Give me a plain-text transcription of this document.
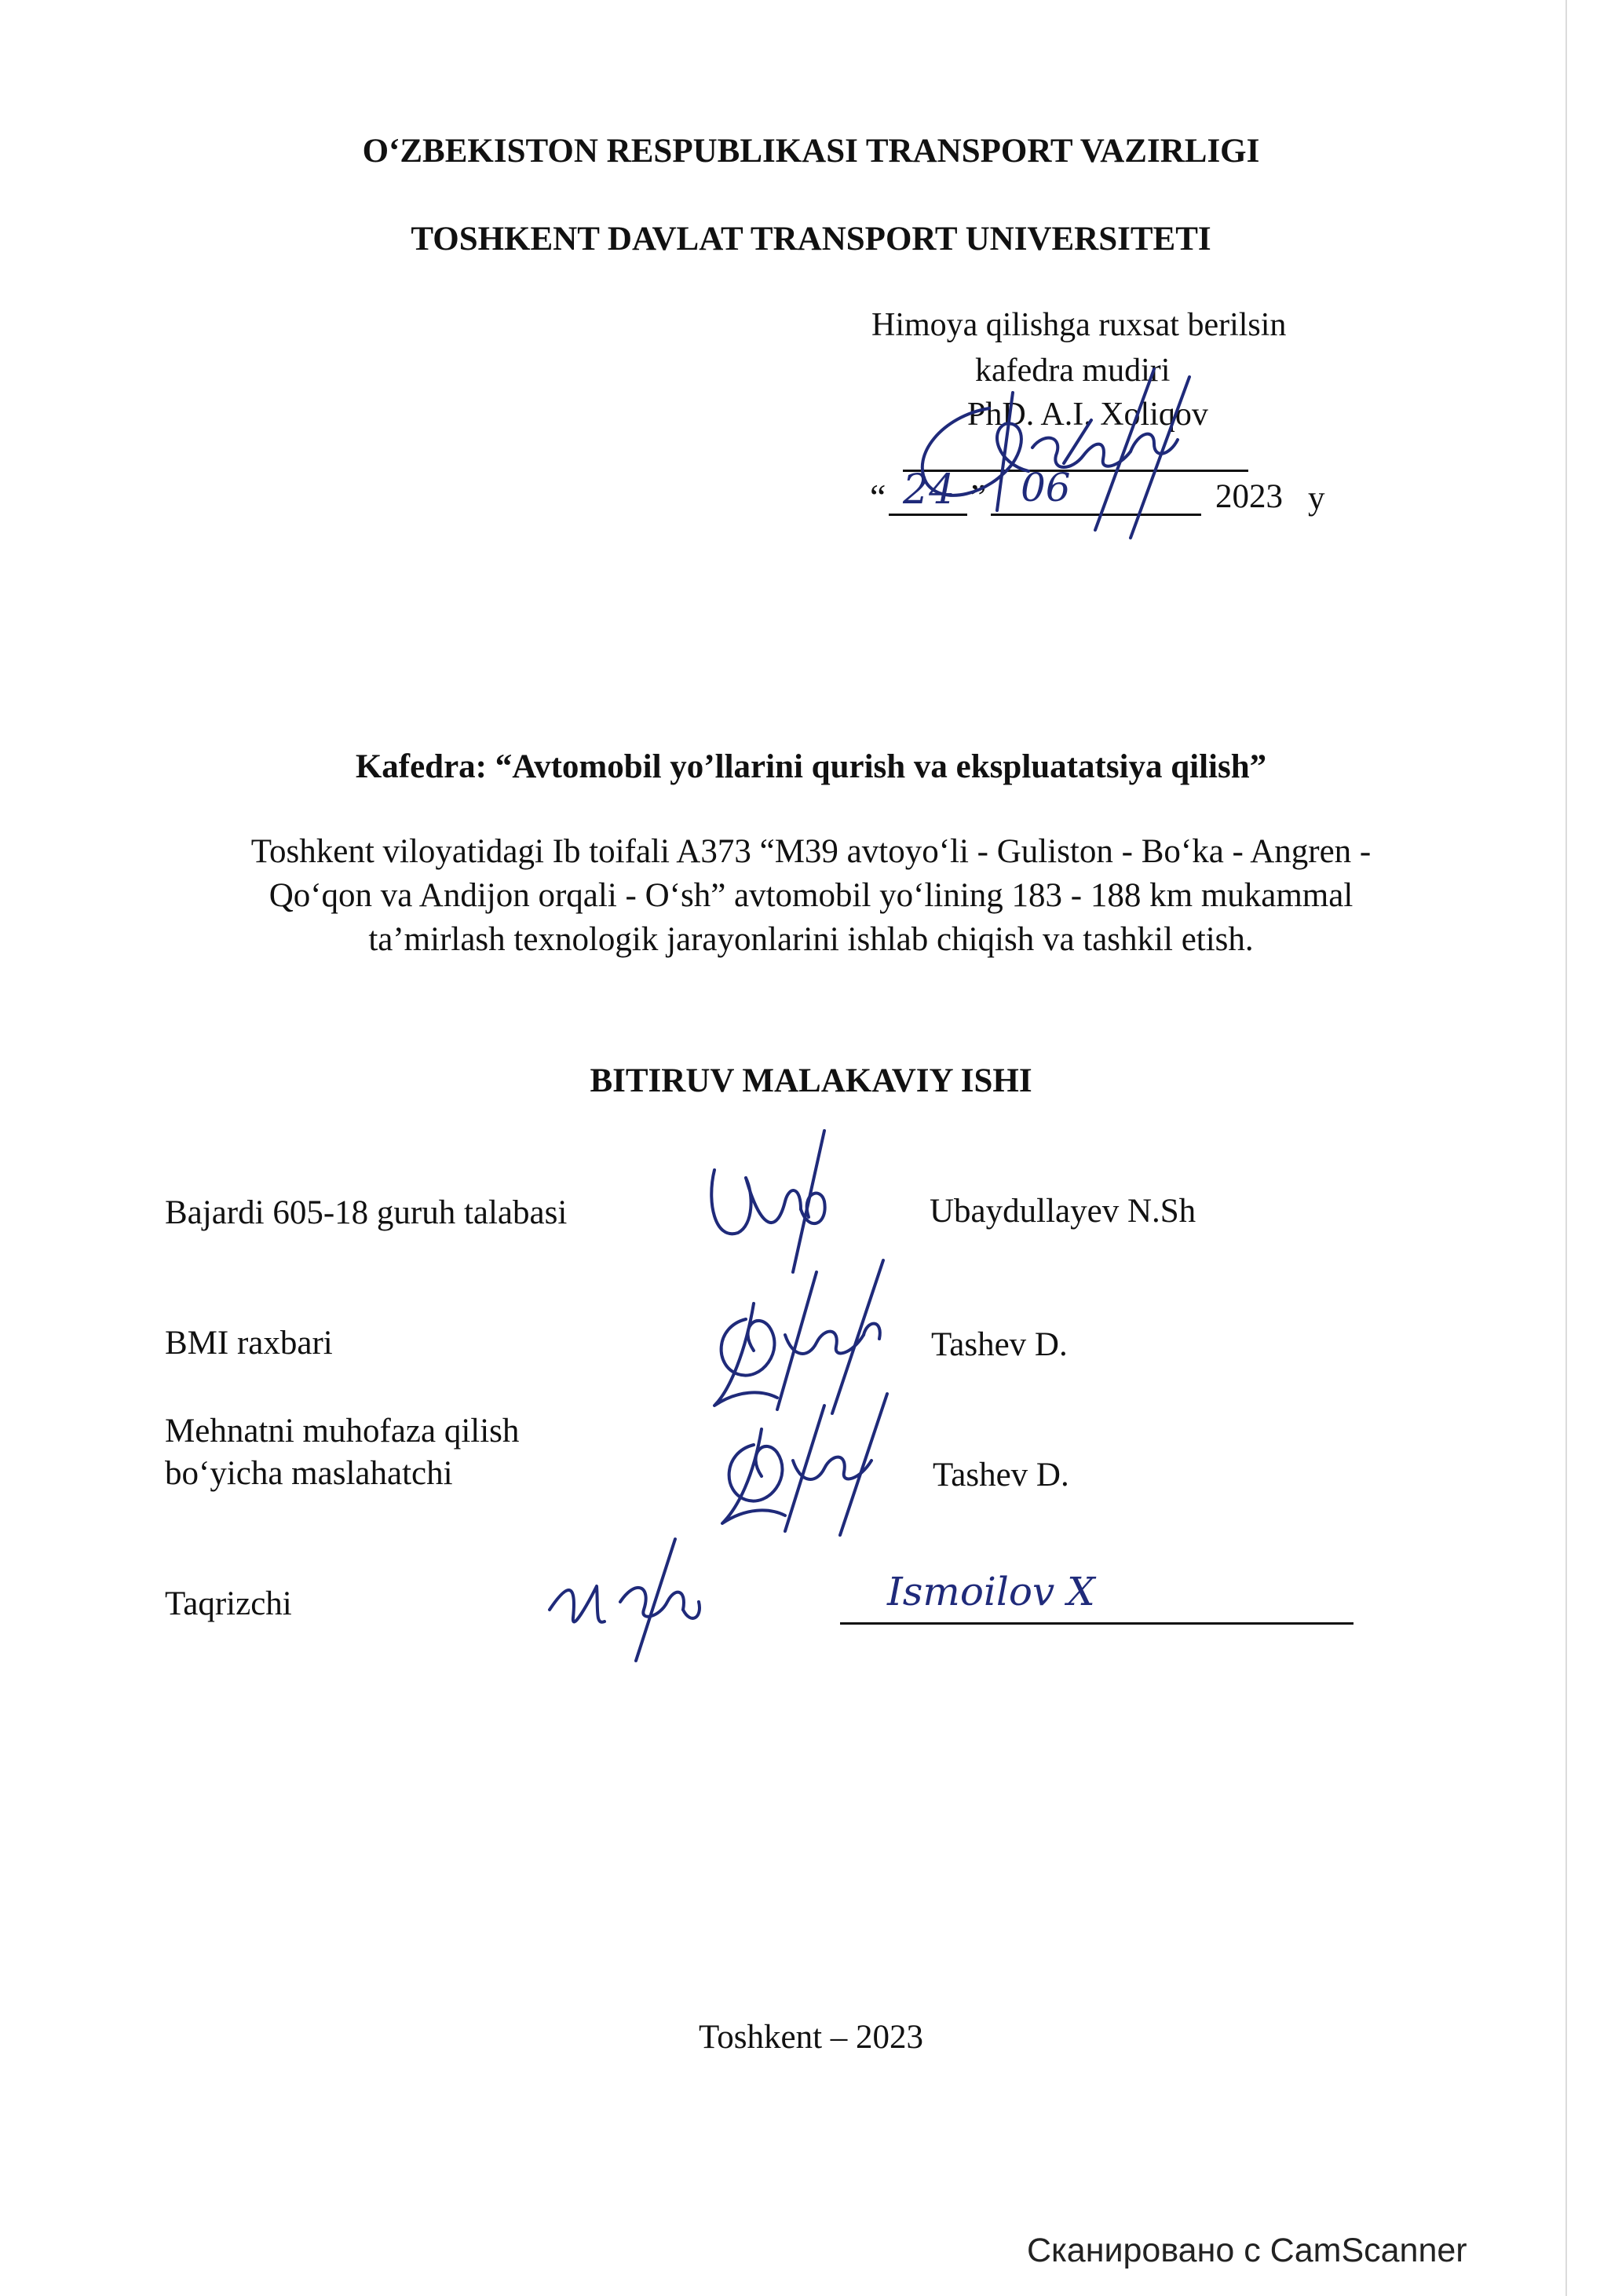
O‘ZBEKISTON RESPUBLIKASI TRANSPORT VAZIRLIGI
TOSHKENT DAVLAT TRANSPORT UNIVERSITETI
Himoya qilishga ruxsat berilsin
kafedra mudiri
PhD. A.I. Xoliqov
“ 24 ” 06	2023 y
Kafedra: “Avtomobil yo’llarini qurish va ekspluatatsiya qilish”
Toshkent viloyatidagi Ib toifali A373 “M39 avtoyo‘li - Guliston - Bo‘ka - Angren -
Qo‘qon va Andijon orqali - O‘sh” avtomobil yo‘lining 183 - 188 km mukammal
ta’mirlash texnologik jarayonlarini ishlab chiqish va tashkil etish.
BITIRUV MALAKAVIY ISHI
Bajardi 605-18 guruh talabasi	Ubaydullayev N.Sh
BMI raxbari	Tashev D.
Mehnatni muhofaza qilish
bo‘yicha maslahatchi	Tashev D.
Taqrizchi	Ismoilov X
Toshkent – 2023
Сканировано с CamScanner
